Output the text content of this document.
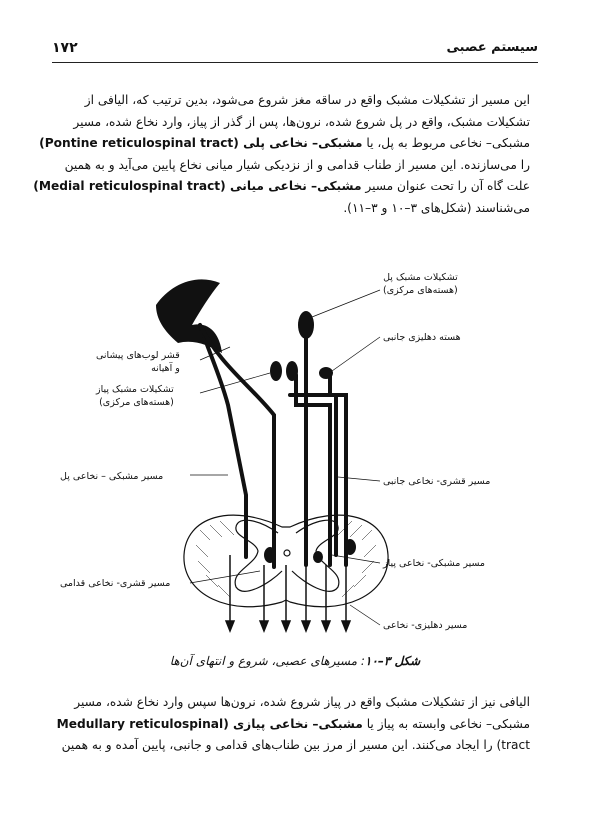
۱۷۲	سیستم عصبی
این مسیر از تشکیلات مشبک واقع در ساقه مغز شروع می‌شود، بدین ترتیب که، الیافی از
تشکیلات مشبک، واقع در پل شروع شده، نرون‌ها، پس از گذر از پیاز، وارد نخاع شده، مسیر
مشبکی– نخاعی مربوط به پل، یا مشبکی– نخاعی پلی (Pontine reticulospinal tract)
را می‌سازنده. این مسیر از طناب قدامی و از نزدیکی شیار میانی نخاع پایین می‌آید و به همین
علت گاه آن را تحت عنوان مسیر مشبکی– نخاعی میانی (Medial reticulospinal tract)
می‌شناسند (شکل‌های ۳–۱۰ و ۳–۱۱).
تشکیلات مشبک پل
(هسته‌های مرکزی)
هسته دهلیزی جانبی
قشر لوب‌های پیشانی
و آهیانه
تشکیلات مشبک پیاز
(هسته‌های مرکزی)
مسیر مشبکی – نخاعی پل	مسیر قشری- نخاعی جانبی
مسیر مشبکی- نخاعی پیاز
مسیر قشری- نخاعی قدامی
مسیر دهلیزی- نخاعی
شکل ۳–۱۰: مسیرهای عصبی، شروع و انتهای آن‌ها
الیافی نیز از تشکیلات مشبک واقع در پیاز شروع شده، نرون‌ها سپس وارد نخاع شده، مسیر
مشبکی– نخاعی وابسته به پیاز یا مشبکی– نخاعی پیازی (Medullary reticulospinal
tract) را ایجاد می‌کنند. این مسیر از مرز بین طناب‌های قدامی و جانبی، پایین آمده و به همین
